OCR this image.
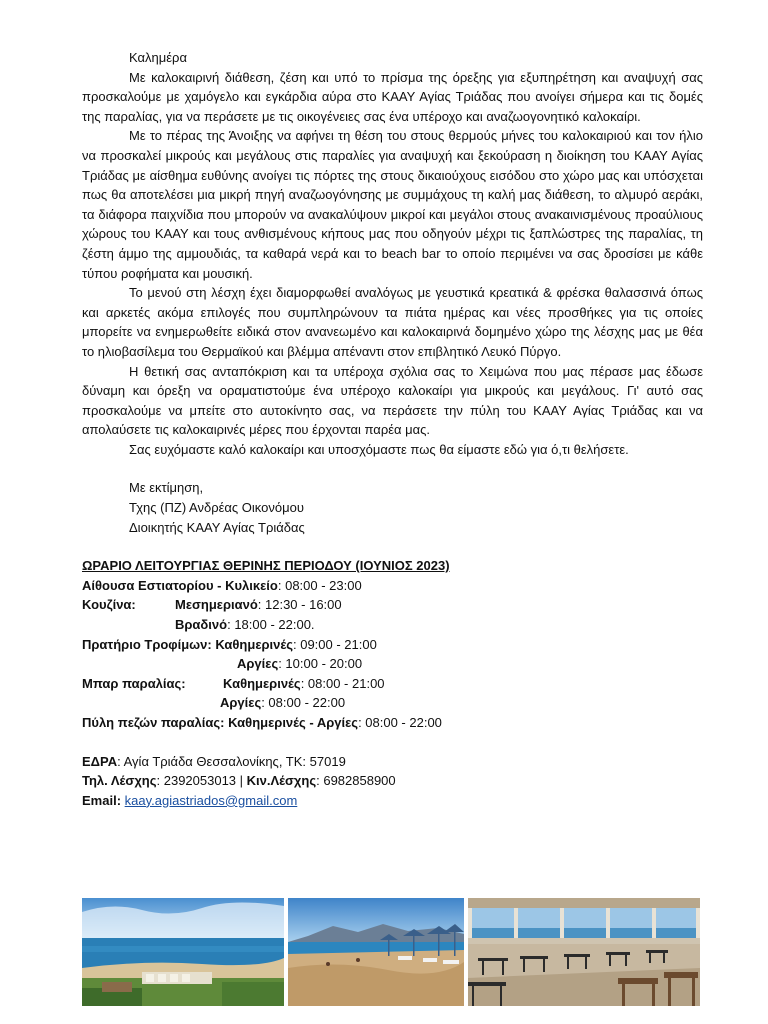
Καλημέρα

Με καλοκαιρινή διάθεση, ζέση και υπό το πρίσμα της όρεξης για εξυπηρέτηση και αναψυχή σας προσκαλούμε με χαμόγελο και εγκάρδια αύρα στο ΚΑΑΥ Αγίας Τριάδας που ανοίγει σήμερα και τις δομές της παραλίας, για να περάσετε με τις οικογένειες σας ένα υπέροχο και αναζωογονητικό καλοκαίρι.

Με το πέρας της Άνοιξης να αφήνει τη θέση του στους θερμούς μήνες του καλοκαιριού και τον ήλιο να προσκαλεί μικρούς και μεγάλους στις παραλίες για αναψυχή και ξεκούραση η διοίκηση του ΚΑΑΥ Αγίας Τριάδας με αίσθημα ευθύνης ανοίγει τις πόρτες της στους δικαιούχους εισόδου στο χώρο μας και υπόσχεται πως θα αποτελέσει μια μικρή πηγή αναζωογόνησης με συμμάχους τη καλή μας διάθεση, το αλμυρό αεράκι, τα διάφορα παιχνίδια που μπορούν να ανακαλύψουν μικροί και μεγάλοι στους ανακαινισμένους προαύλιους χώρους του ΚΑΑΥ και τους ανθισμένους κήπους μας που οδηγούν μέχρι τις ξαπλώστρες της παραλίας, τη ζέστη άμμο της αμμουδιάς, τα καθαρά νερά και το beach bar το οποίο περιμένει να σας δροσίσει με κάθε τύπου ροφήματα και μουσική.

Το μενού στη λέσχη έχει διαμορφωθεί αναλόγως με γευστικά κρεατικά & φρέσκα θαλασσινά όπως και αρκετές ακόμα επιλογές που συμπληρώνουν τα πιάτα ημέρας και νέες προσθήκες για τις οποίες μπορείτε να ενημερωθείτε ειδικά στον ανανεωμένο και καλοκαιρινά δομημένο χώρο της λέσχης μας με θέα το ηλιοβασίλεμα του Θερμαϊκού και βλέμμα απέναντι στον επιβλητικό Λευκό Πύργο.

Η θετική σας ανταπόκριση και τα υπέροχα σχόλια σας το Χειμώνα που μας πέρασε μας έδωσε δύναμη και όρεξη να οραματιστούμε ένα υπέροχο καλοκαίρι για μικρούς και μεγάλους. Γι' αυτό σας προσκαλούμε να μπείτε στο αυτοκίνητο σας, να περάσετε την πύλη του ΚΑΑΥ Αγίας Τριάδας και να απολαύσετε τις καλοκαιρινές μέρες που έρχονται παρέα μας.

Σας ευχόμαστε καλό καλοκαίρι και υποσχόμαστε πως θα είμαστε εδώ για ό,τι θελήσετε.

Με εκτίμηση,
Τχης (ΠΖ) Ανδρέας Οικονόμου
Διοικητής ΚΑΑΥ Αγίας Τριάδας
ΩΡΑΡΙΟ ΛΕΙΤΟΥΡΓΙΑΣ ΘΕΡΙΝΗΣ ΠΕΡΙΟΔΟΥ (ΙΟΥΝΙΟΣ 2023)
Αίθουσα Εστιατορίου - Κυλικείο: 08:00 - 23:00
Κουζίνα:	Μεσημεριανό: 12:30 - 16:00
Βραδινό: 18:00 - 22:00.
Πρατήριο Τροφίμων: Καθημερινές: 09:00 - 21:00
Αργίες: 10:00 - 20:00
Μπαρ παραλίας:	Καθημερινές: 08:00 - 21:00
Αργίες: 08:00 - 22:00
Πύλη πεζών παραλίας: Καθημερινές - Αργίες: 08:00 - 22:00
ΕΔΡΑ: Αγία Τριάδα Θεσσαλονίκης, ΤΚ: 57019
Τηλ. Λέσχης: 2392053013 | Κιν.Λέσχης: 6982858900
Email: kaay.agiastriados@gmail.com
